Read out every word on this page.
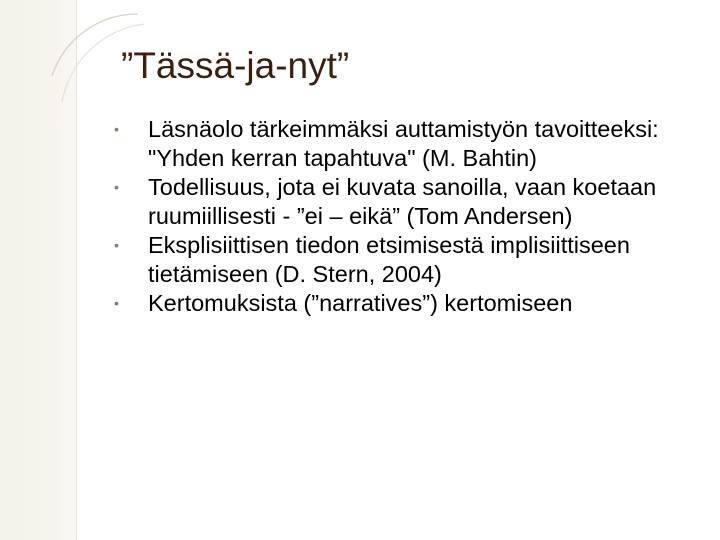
”Tässä-ja-nyt”
• Läsnäolo tärkeimmäksi auttamistyön tavoitteeksi: "Yhden kerran tapahtuva" (M. Bahtin)
• Todellisuus, jota ei kuvata sanoilla, vaan koetaan ruumiillisesti - ”ei – eikä” (Tom Andersen)
• Eksplisiittisen tiedon etsimisestä implisiittiseen tietämiseen (D. Stern, 2004)
• Kertomuksista (”narratives”) kertomiseen
